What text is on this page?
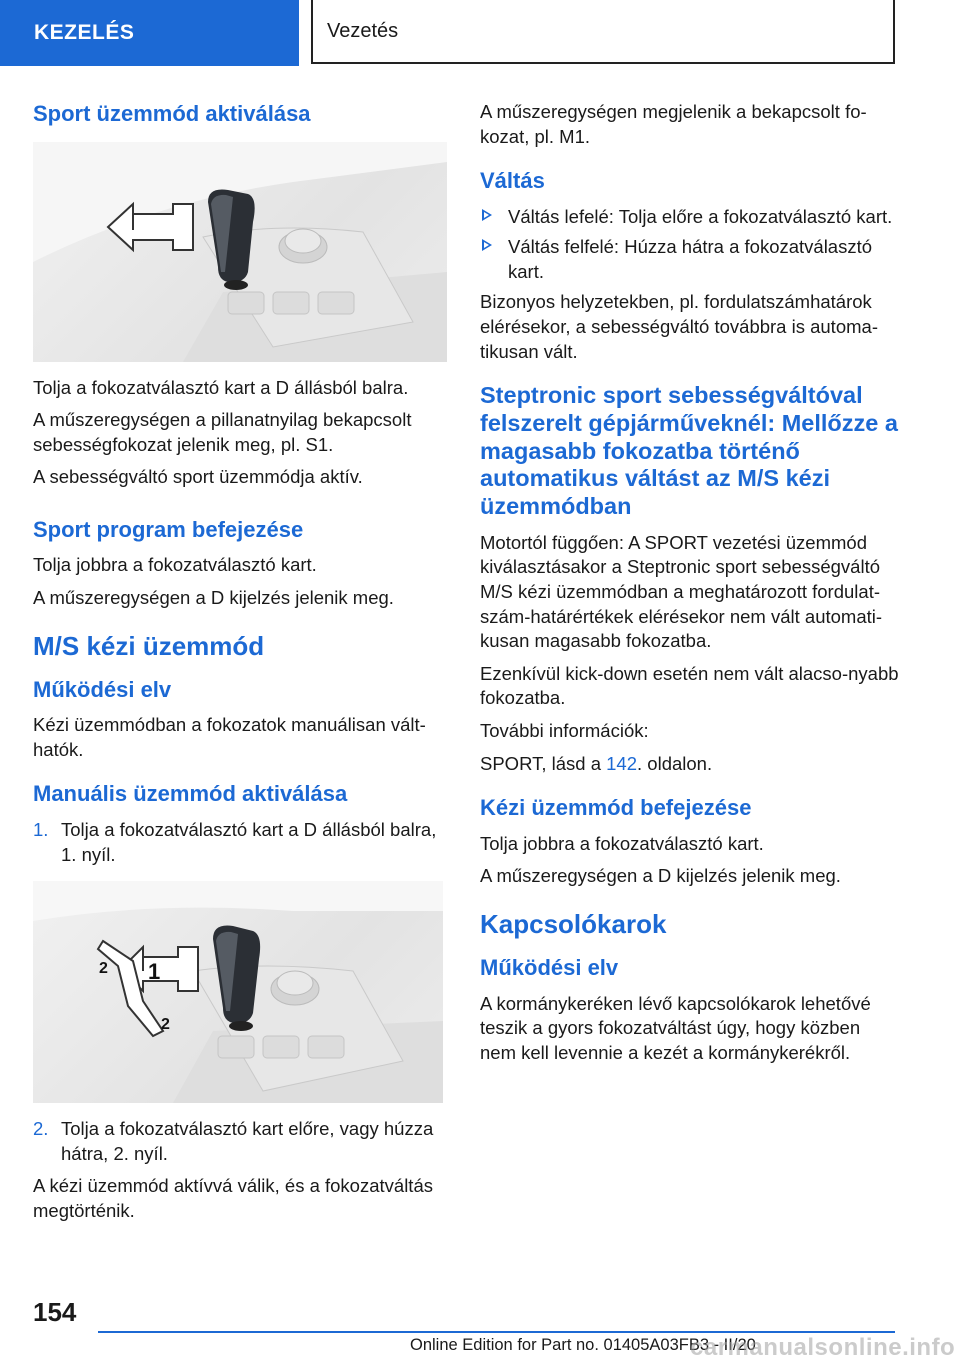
KEZELÉS	Vezetés
Sport üzemmód aktiválása

Tolja a fokozatválasztó kart a D állásból balra.

A műszeregységen a pillanatnyilag bekapcsolt sebességfokozat jelenik meg, pl. S1.

A sebességváltó sport üzemmódja aktív.

Sport program befejezése

Tolja jobbra a fokozatválasztó kart.

A műszeregységen a D kijelzés jelenik meg.

M/S kézi üzemmód
Működési elv

Kézi üzemmódban a fokozatok manuálisan vált-hatók.

Manuális üzemmód aktiválása
1. Tolja a fokozatválasztó kart a D állásból balra, 1. nyíl.
1
2
2
2. Tolja a fokozatválasztó kart előre, vagy húzza hátra, 2. nyíl.

A kézi üzemmód aktívvá válik, és a fokozatváltás megtörténik.

A műszeregységen megjelenik a bekapcsolt fo-kozat, pl. M1.

Váltás
Váltás lefelé: Tolja előre a fokozatválasztó kart.
Váltás felfelé: Húzza hátra a fokozatválasztó kart.

Bizonyos helyzetekben, pl. fordulatszámhatárok elérésekor, a sebességváltó továbbra is automa-tikusan vált.

Steptronic sport sebességváltóval felszerelt gépjárműveknél: Mellőzze a magasabb fokozatba történő automatikus váltást az M/S kézi üzemmódban

Motortól függően: A SPORT vezetési üzemmód kiválasztásakor a Steptronic sport sebességváltó M/S kézi üzemmódban a meghatározott fordulat-szám-határértékek elérésekor nem vált automati-kusan magasabb fokozatba.

Ezenkívül kick-down esetén nem vált alacso-nyabb fokozatba.

További információk:

SPORT, lásd a 142. oldalon.

Kézi üzemmód befejezése

Tolja jobbra a fokozatválasztó kart.

A műszeregységen a D kijelzés jelenik meg.

Kapcsolókarok
Működési elv

A kormánykeréken lévő kapcsolókarok lehetővé teszik a gyors fokozatváltást úgy, hogy közben nem kell levennie a kezét a kormánykerékről.

154
Online Edition for Part no. 01405A03FB3 - II/20
carmanualsonline.info
